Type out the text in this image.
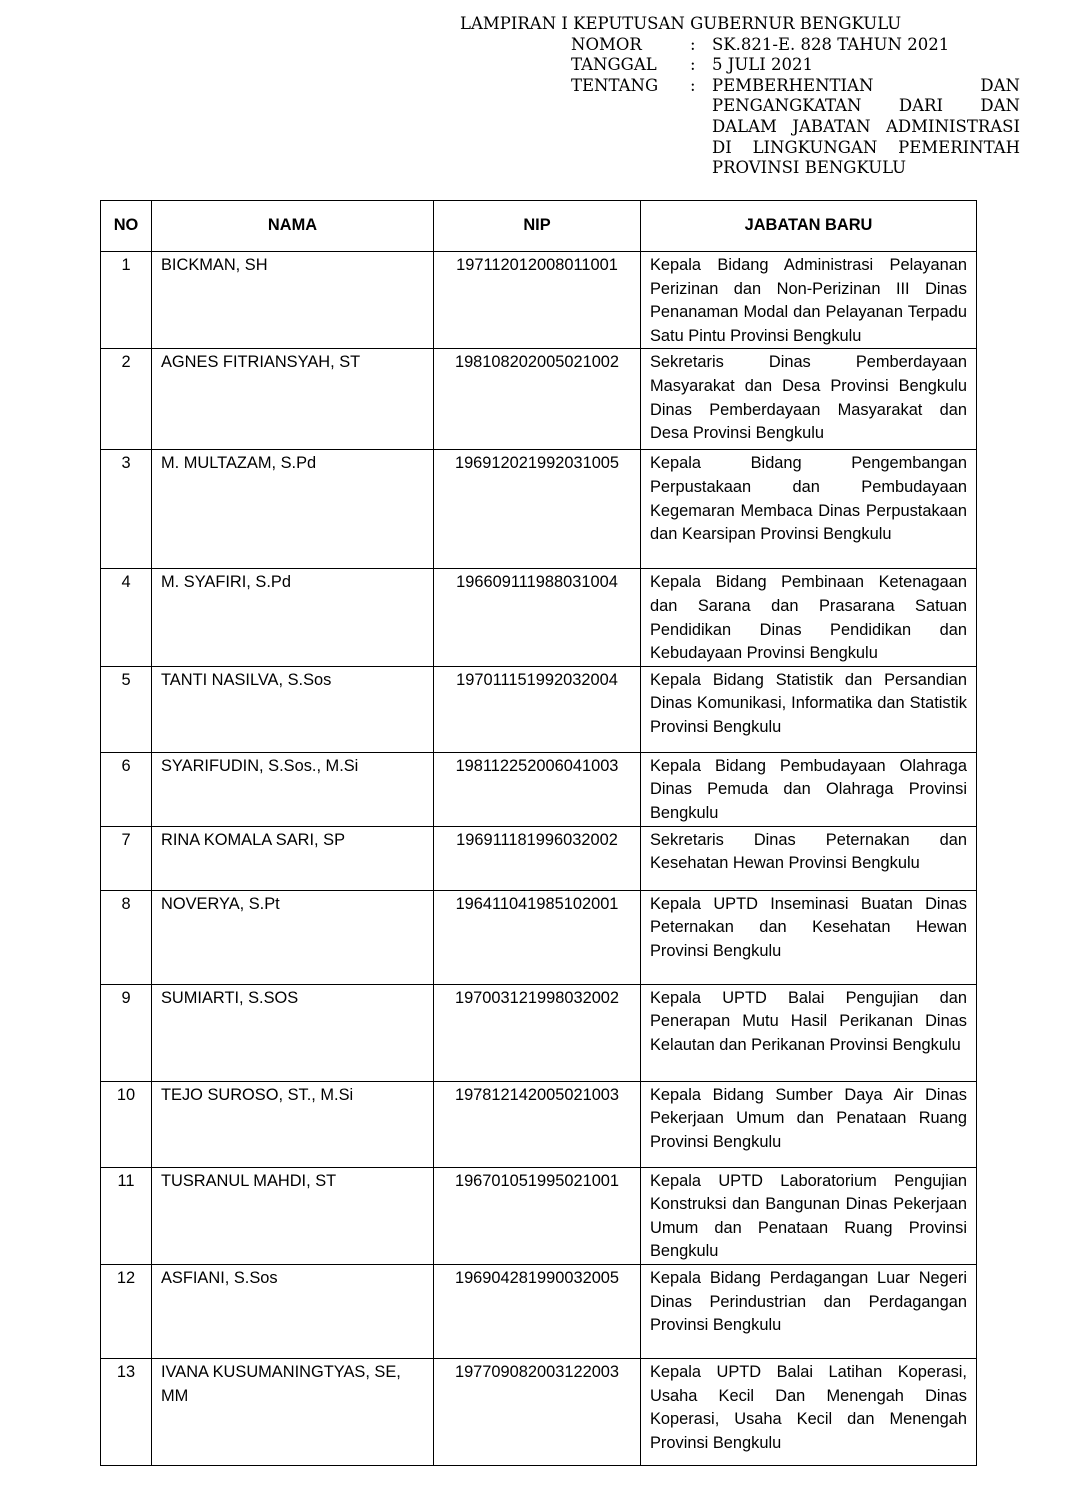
LAMPIRAN I KEPUTUSAN GUBERNUR BENGKULU
NOMOR	: SK.821-E. 828 TAHUN 2021
TANGGAL	: 5 JULI 2021
TENTANG	: PEMBERHENTIAN DAN
PENGANGKATAN DARI DAN
DALAM JABATAN ADMINISTRASI
DI LINGKUNGAN PEMERINTAH
PROVINSI BENGKULU
NO	NAMA	NIP	JABATAN BARU
1	BICKMAN, SH	197112012008011001	Kepala Bidang Administrasi Pelayanan Perizinan dan Non-Perizinan III Dinas Penanaman Modal dan Pelayanan Terpadu Satu Pintu Provinsi Bengkulu
2	AGNES FITRIANSYAH, ST	198108202005021002	Sekretaris Dinas Pemberdayaan Masyarakat dan Desa Provinsi Bengkulu Dinas Pemberdayaan Masyarakat dan Desa Provinsi Bengkulu
3	M. MULTAZAM, S.Pd	196912021992031005	Kepala Bidang Pengembangan Perpustakaan dan Pembudayaan Kegemaran Membaca Dinas Perpustakaan dan Kearsipan Provinsi Bengkulu
4	M. SYAFIRI, S.Pd	196609111988031004	Kepala Bidang Pembinaan Ketenagaan dan Sarana dan Prasarana Satuan Pendidikan Dinas Pendidikan dan Kebudayaan Provinsi Bengkulu
5	TANTI NASILVA, S.Sos	197011151992032004	Kepala Bidang Statistik dan Persandian Dinas Komunikasi, Informatika dan Statistik Provinsi Bengkulu
6	SYARIFUDIN, S.Sos., M.Si	198112252006041003	Kepala Bidang Pembudayaan Olahraga Dinas Pemuda dan Olahraga Provinsi Bengkulu
7	RINA KOMALA SARI, SP	196911181996032002	Sekretaris Dinas Peternakan dan Kesehatan Hewan Provinsi Bengkulu
8	NOVERYA, S.Pt	196411041985102001	Kepala UPTD Inseminasi Buatan Dinas Peternakan dan Kesehatan Hewan Provinsi Bengkulu
9	SUMIARTI, S.SOS	197003121998032002	Kepala UPTD Balai Pengujian dan Penerapan Mutu Hasil Perikanan Dinas Kelautan dan Perikanan Provinsi Bengkulu
10	TEJO SUROSO, ST., M.Si	197812142005021003	Kepala Bidang Sumber Daya Air Dinas Pekerjaan Umum dan Penataan Ruang Provinsi Bengkulu
11	TUSRANUL MAHDI, ST	196701051995021001	Kepala UPTD Laboratorium Pengujian Konstruksi dan Bangunan Dinas Pekerjaan Umum dan Penataan Ruang Provinsi Bengkulu
12	ASFIANI, S.Sos	196904281990032005	Kepala Bidang Perdagangan Luar Negeri Dinas Perindustrian dan Perdagangan Provinsi Bengkulu
13	IVANA KUSUMANINGTYAS, SE, MM	197709082003122003	Kepala UPTD Balai Latihan Koperasi, Usaha Kecil Dan Menengah Dinas Koperasi, Usaha Kecil dan Menengah Provinsi Bengkulu
